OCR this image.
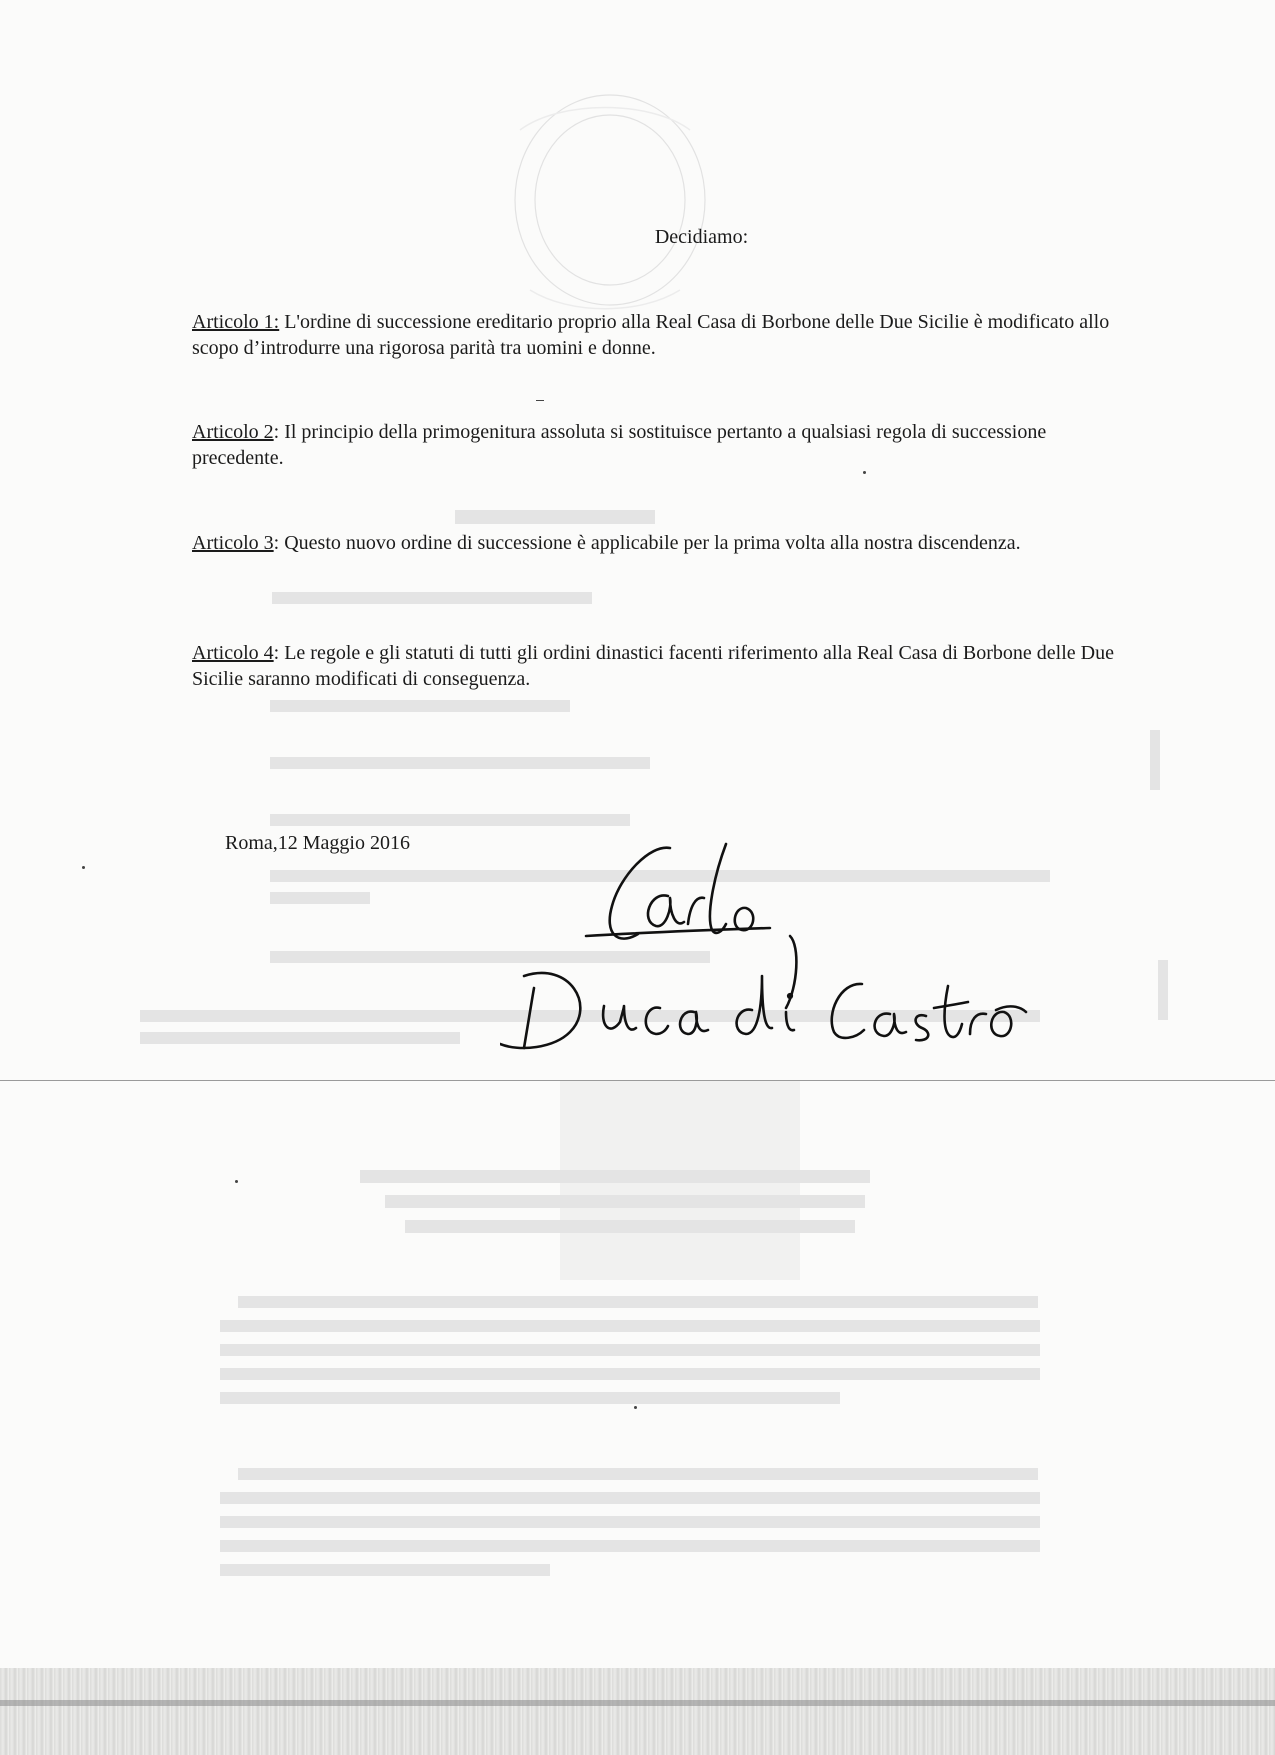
Decidiamo:

Articolo 1: L'ordine di successione ereditario proprio alla Real Casa di Borbone delle Due Sicilie è modificato allo scopo d’introdurre una rigorosa parità tra uomini e donne.

Articolo 2: Il principio della primogenitura assoluta si sostituisce pertanto a qualsiasi regola di successione precedente.

Articolo 3: Questo nuovo ordine di successione è applicabile per la prima volta alla nostra discendenza.

Articolo 4: Le regole e gli statuti di tutti gli ordini dinastici facenti riferimento alla Real Casa di Borbone delle Due Sicilie saranno modificati di conseguenza.

Roma,12 Maggio 2016
